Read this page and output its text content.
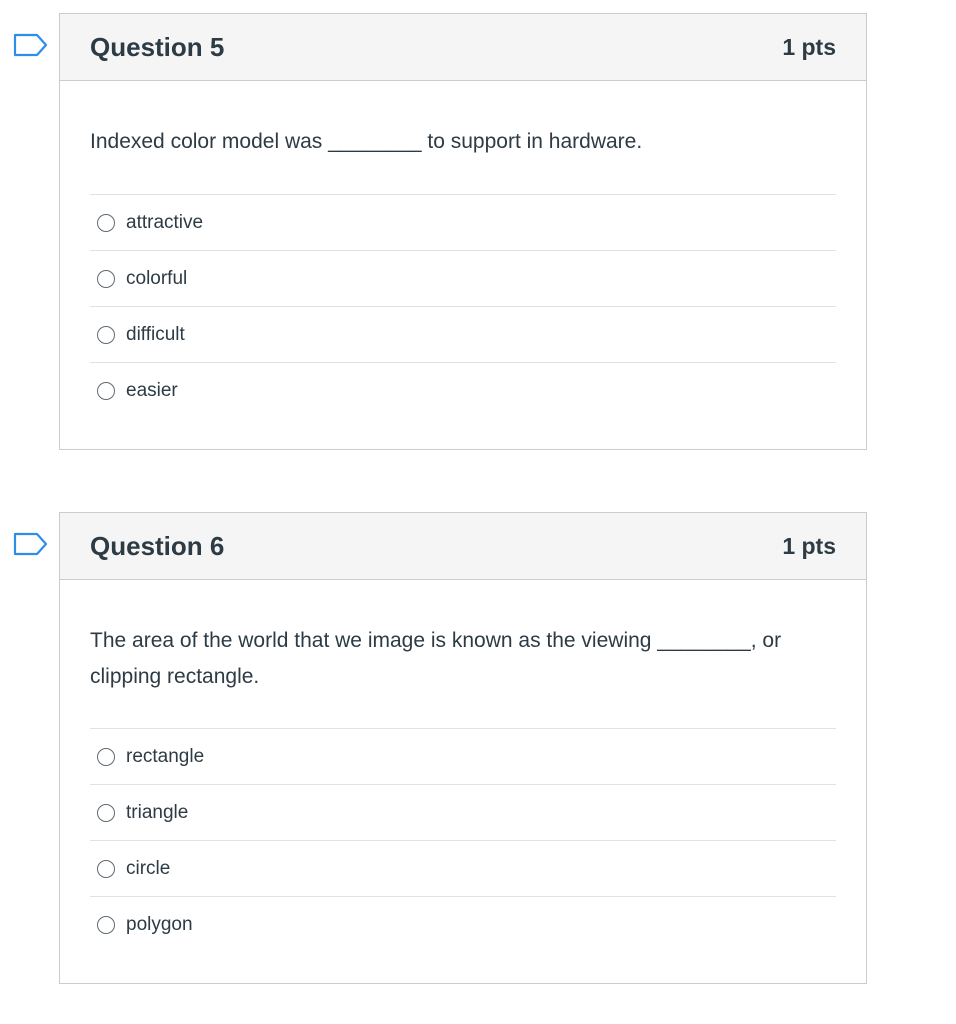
Question 5	1 pts

Indexed color model was ________ to support in hardware.

attractive
colorful
difficult
easier
Question 6	1 pts

The area of the world that we image is known as the viewing ________, or clipping rectangle.

rectangle
triangle
circle
polygon
